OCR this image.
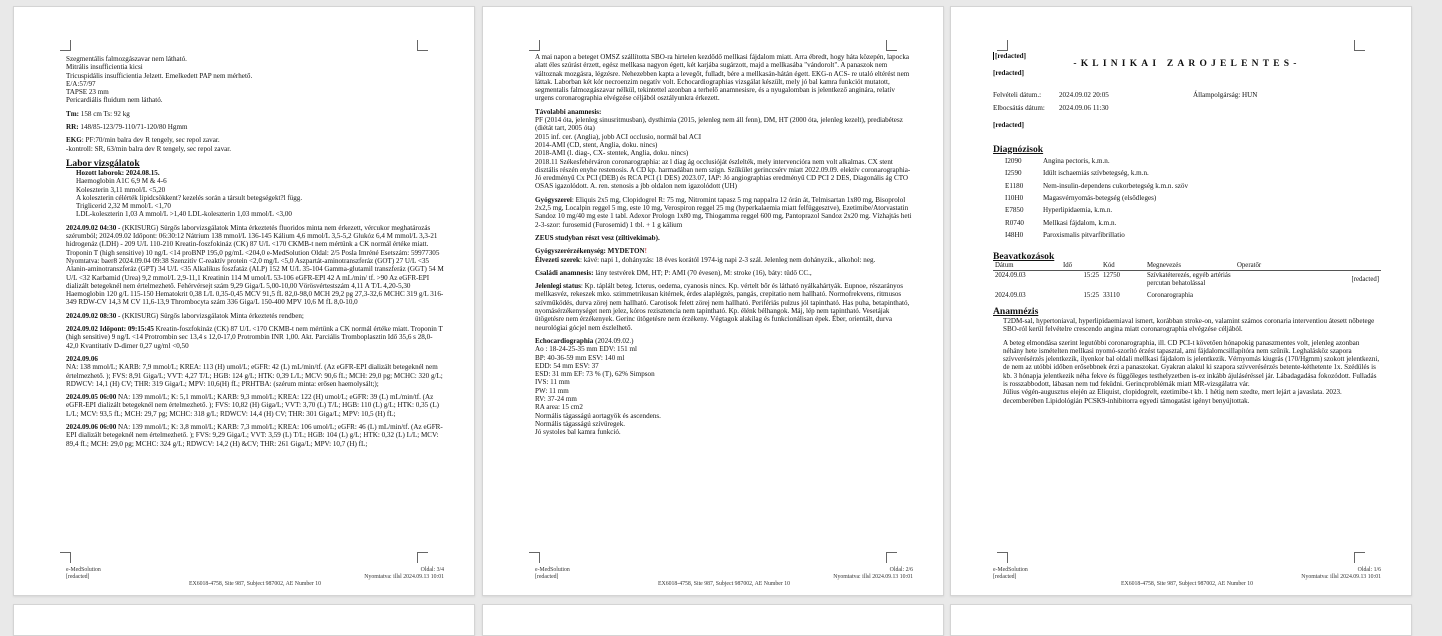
Szegmentális falmozgászavar nem látható.

Mitrális insufficientia kicsi

Tricuspidális insufficientia Jelzett. Emelkedett PAP nem mérhető.

E/A:57/97

TAPSE 23 mm

Pericardiális fluidum nem látható.

Tm: 158 cm Ts: 92 kg

RR: 148/85-123/79-110/71-120/80 Hgmm

EKG: PF:70/min balra dev R tengely, sec repol zavar.

-kontroll: SR, 63/min balra dev R tengely, sec repol zavar.

Labor vizsgálatok

Hozott laborok: 2024.08.15.

Haemoglobin A1C 6,9 M & 4-6

Koleszterin 3,11 mmol/L <5,20

A koleszterin célérték lipidcsökkent? kezelés során a társult betegségekt?l függ.

Triglicerid 2,32 M mmol/L <1,70

LDL-koleszterin 1,03 A mmol/L >1,40 LDL-koleszterin 1,03 mmol/L <3,00

2024.09.02 04:30 - (KKISURG) Sürgős laborvizsgálatok Mintа érkeztetés fluoridos minta nem érkezett, vércukor meghatározás szérumból; 2024.09.02 Időpont: 06:30:12 Nátrium 138 mmol/L 136-145 Kálium 4,6 mmol/L 3,5-5,2 Glukóz 6,4 M mmol/L 3,3-21 hidrogenáz (LDH) - 209 U/L 110-210 Kreatin-foszfokináz (CK) 87 U/L <170 CKMB-t nem mértünk a CK normál értéke miatt. Troponin T (high sensitive) 10 ng/L <14 proBNP 195,0 pg/mL <204,0 e-MedSolution Oldal: 2/5 Posla Imréné Esetszám: 59977305 Nyomtatva: baer8 2024.09.04 09:38 Szenzitív C-reaktív protein <2,0 mg/L <5,0 Aszpartát-aminotranszferáz (GOT) 27 U/L <35 Alanin-aminotranszferáz (GPT) 34 U/L <35 Alkalikus foszfatáz (ALP) 152 M U/L 35-104 Gamma-glutamil transzferáz (GGT) 54 M U/L <32 Karbamid (Urea) 9,2 mmol/L 2,9-11,1 Kreatinin 114 M umol/L 53-106 eGFR-EPI 42 A mL/min/ tf. >90 Az eGFR-EPI dializált betegeknél nem értelmezhető. Fehérvérsejt szám 9,29 Giga/L 5,00-10,00 Vörösvértestszám 4,11 A T/L 4,20-5,30 Haemoglobin 120 g/L 115-150 Hematokrit 0,38 L/L 0,35-0,45 MCV 91,5 fL 82,0-98,0 MCH 29,2 pg 27,3-32,6 MCHC 319 g/L 316-349 RDW-CV 14,3 M CV 11,6-13,9 Thrombocyta szám 336 Giga/L 150-400 MPV 10,6 M fL 8,0-10,0

2024.09.02 08:30 - (KKISURG) Sürgős laborvizsgálatok Minta érkeztetés rendben;

2024.09.02 Időpont: 09:15:45 Kreatin-foszfokináz (CK) 87 U/L <170 CKMB-t nem mértünk a CK normál értéke miatt. Troponin T (high sensitive) 9 ng/L <14 Protrombin sec 13,4 s 12,0-17,0 Protrombin INR 1,00. Akt. Parciális Tromboplasztin Idő 35,6 s 28,0-42,0 Kvantitatív D-dimer 0,27 ug/ml <0,50

2024.09.06

NA: 138 mmol/L; KARB: 7,9 mmol/L; KREA: 113 (H) umol/L; eGFR: 42 (L) mL/min/tf. (Az eGFR-EPI dializált betegeknél nem értelmezhető. ); FVS: 8,91 Giga/L; VVT: 4,27 T/L; HGB: 124 g/L; HTK: 0,39 L/L; MCV: 90,6 fL; MCH: 29,0 pg; MCHC: 320 g/L; RDWCV: 14,1 (H) CV; THR: 319 Giga/L; MPV: 10,6(H) fL; PRHTBA: (szérum minta: erősen haemolysált;);

2024.09.05 06:00 NA: 139 mmol/L; K: 5,1 mmol/L; KARB: 9,3 mmol/L; KREA: 122 (H) umol/L; eGFR: 39 (L) mL/min/tf. (Az eGFR-EPI dializált betegeknél nem értelmezhető. ); FVS: 10,82 (H) Giga/L; VVT: 3,70 (L) T/L; HGB: 110 (L) g/L; HTK: 0,35 (L) L/L; MCV: 93,5 fL; MCH: 29,7 pg; MCHC: 318 g/L; RDWCV: 14,4 (H) CV; THR: 301 Giga/L; MPV: 10,5 (H) fL;

2024.09.06 06:00 NA: 139 mmol/L; K: 3,8 mmol/L; KARB: 7,3 mmol/L; KREA: 106 umol/L; eGFR: 46 (L) mL/min/tf. (Az eGFR-EPI dializált betegeknél nem értelmezhető. ); FVS: 9,29 Giga/L; VVT: 3,59 (L) T/L; HGB: 104 (L) g/L; HTK: 0,32 (L) L/L; MCV: 89,4 fL; MCH: 29,0 pg; MCHC: 324 g/L; RDWCV: 14,2 (H) &CV; THR: 261 Giga/L; MPV: 10,7 (H) fL;

e-MedSolution	Oldal: 3/4
[redacted]	Nyomtatva: illsl 2024.09.13 10:01
EX6018-4758, Site 987, Subject 987002, AE Number 10

A mai napon a beteget OMSZ szállította SBO-ra hirtelen kezdődő mellkasi fájdalom miatt. Arra ébredt, hogy háta közepén, lapocka alatt éles szúrást érzett, egész mellkasa nagyon égett, két karjába sugárzott, majd a mellkasába "vándorolt". A panaszok nem változnak mozgásra, légzésre. Nehezebben kapta a levegőt, fulladt, bére a mellkasán-hátán égett. EKG-n ACS- re utaló eltérést nem láttak. Laborban két kór necroenzim negatív volt. Echocardiographias vizsgálat készült, mely jó bal kamra funkciót mutatott, segmentalis falmozgászavar nélkül, tekintettel azonban a terhelő anamnesisre, és a nyugalomban is jelentkező anginára, relatív urgens coronarographia elvégzése céljából osztályunkra érkezett.

Távolabbi anamnesis:

PF (2014 óta, jelenleg sinusritmusban), dysthimia (2015, jelenleg nem áll fenn), DM, HT (2000 óta, jelenleg kezelt), prediabétesz (diétát tart, 2005 óta)

2015 inf. cer. (Anglia), jobb ACI occlusio, normál bal ACI

2014-AMI (CD, stent, Anglia, doku. nincs)

2018-AMI (l. diag-, CX- stentek, Anglia, doku. nincs)

2018.11 Székesfehérváron coronarographia: az l diag ág occlusióját észlelték, mely intervencióra nem volt alkalmas. CX stent disztális részén enyhe restenosis. A CD kp. harmadában nem szign. Szűkület gerinccsérv miatt 2022.09.09. elektív coronarographia-Jó eredményű Cx PCI (DEB) és RCA PCI (1 DES) 2023.07, IAP: Jó angiographias eredményű CD PCI 2 DES, Diagonális ág CTO OSAS igazolódott. A. ren. stenosis a jbb oldalon nem igazolódott (UH)

Gyógyszerei: Eliquis 2x5 mg, Clopidogrel R: 75 mg, Nitromint tapasz 5 mg nappalra 12 órán át, Telmisartan 1x80 mg, Bisoprolol 2x2,5 mg, Localpin reggel 5 mg, este 10 mg, Verospiron reggel 25 mg (hyperkalaemia miatt felfüggesztve), Ezetimibe/Atorvastatin Sandoz 10 mg/40 mg este 1 tabl. Adexor Prologn 1x80 mg, Thiogamma reggel 600 mg, Pantoprazol Sandoz 2x20 mg. Vízhajtás heti 2-3-szor: furosemid (Furosemid) 1 tbl. + 1 g kálium

ZEUS studyban részt vesz (ziltivekimab).

Gyógyszerérzékenység: MYDETON!

Élvezeti szerek: kávé: napi 1, dohányzás: 18 éves korától 1974-ig napi 2-3 szál. Jelenleg nem dohányzik., alkohol: neg.

Családi anamnesis: lány testvérek DM, HT; P: AMI (70 évesen), M: stroke (16), báty: tüdő CC.,

Jelenlegi status: Kp. táplált beteg. Icterus, oedema, cyanosis nincs. Kp. vértelt bőr és látható nyálkahártyák. Eupnoe, részarányos mellkasvéz, rekeszek mko. szimmetrikusan kitérnek, érdes alaplégzés, pangás, crepitatio nem hallható. Normofrekvens, ritmusos szívműködés, durva zörej nem hallható. Carotisok felett zörej nem hallható. Perifériás pulzus jól tapintható. Has puha, betapintható, nyomásérzékenységet nem jelez, kóros rezisztencia nem tapintható. Kp. élénk bélhangok. Máj, lép nem tapintható. Vesetájak ütögetésre nem érzékenyek. Gerinc ütögetésre nem érzékeny. Végtagok alakilag és funkcionálisan épek. Éber, orientált, durva neurológiai gócjel nem észlelhető.

Echocardiographia (2024.09.02.)

Ao : 18-24-25-35 mm EDV: 151 ml

BP: 40-36-59 mm ESV: 140 ml

EDD: 54 mm ESV: 37

ESD: 31 mm EF: 73 % (T), 62% Simpson

IVS: 11 mm

PW: 11 mm

RV: 37-24 mm

RA area: 15 cm2

Normális tágasságú aortagyök és ascendens.

Normális tágasságú szívüregek.

Jó systoles bal kamra funkció.

e-MedSolution	Oldal: 2/6
[redacted]	Nyomtatva: illsl 2024.09.13 10:01
EX6018-4758, Site 987, Subject 987002, AE Number 10

[redacted]

-KLINIKAI ZAROJELENTES-

[redacted]

Felvételi dátum.:	2024.09.02 20:05	Állampolgárság: HUN
Elbocsátás dátum:	2024.09.06 11:30

[redacted]

Diagnózisok

I2090	Angina pectoris, k.m.n.
I2590	Idült ischaemiás szívbetegség, k.m.n.
E1180	Nem-insulin-dependens cukorbetegség k.m.n. szöv
I10H0	Magasvérnyomás-betegség (elsődleges)
E7850	Hyperlipidaemia, k.m.n.
R0740	Mellkasi fájdalom, k.m.n.
I48H0	Paroxismalis pitvarfibrillatio

Beavatkozások

Dátum	Idő	Kód	Megnevezés	Operatőr
2024.09.03	15:25	12750	Szívkatéterezés, egyéb artériás percutan behatolással	[redacted]
2024.09.03	15:25	33110	Coronarographia	

Anamnézis

T2DM-sal, hypertoniaval, hyperlipidaemiaval ismert, korábban stroke-on, valamint számos coronaria interventiou átesett nőbetege SBO-ról kerül felvételre crescendo angina miatt coronarographia elvégzése céljából.

A beteg elmondása szerint legutóbbi coronarographia, ill. CD PCI-t követően hónapokig panaszmentes volt, jelenleg azonban néhány hete ismételten mellkasi nyomó-szorító érzést tapasztal, ami fájdalomcsillapítóra nem szűnik. Leghalásköz szapora szívverésérzés jelentkezik, ilyenkor bal oldali mellkasi fájdalom is jelentkezik. Vérnyomás kiugrás (170/Hgmm) szokott jelentkezni, de nem az utóbbi időben erősebbnek érzi a panaszokat. Gyakran alakul ki szapora szívverésérzés betente-kéthetente 1x. Szédülés is kb. 3 hónapja jelentkezik néha fekve és függőleges testhelyzetben is-ez inkább ájuláséréssel jár. Lábadagadása fokozódott. Fulladás is rosszabbodott, lábasan nem tud feküdni. Gerincproblémák miatt MR-vizsgálatra vár.

Július végén-augusztus elején az Eliquist, clopidogrelt, ezetimibe-t kb. 1 hétig nem szedte, mert lejárt a javaslata. 2023. decemberében Lipidológián PCSK9-inhibitorra egyedi támogatást igényt benyújtottak.

e-MedSolution	Oldal: 1/6
[redacted]	Nyomtatva: illsl 2024.09.13 10:01
EX6018-4758, Site 987, Subject 987002, AE Number 10
